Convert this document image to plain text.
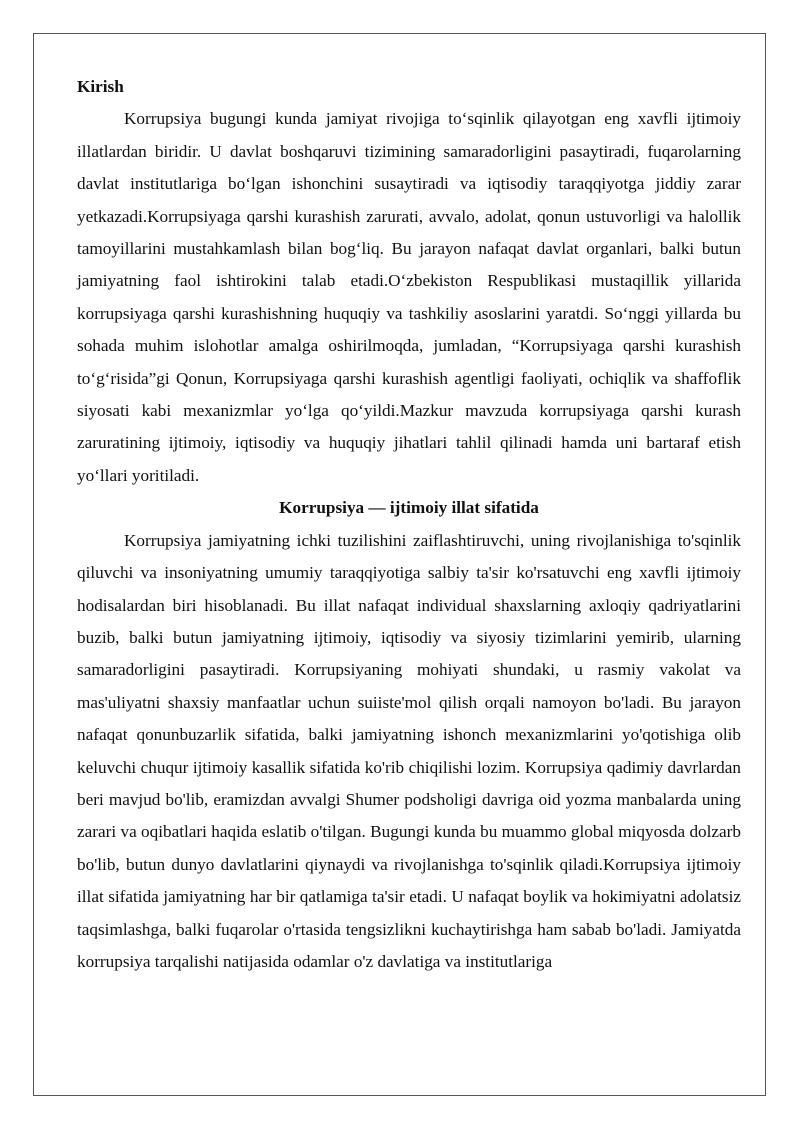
Kirish

Korrupsiya bugungi kunda jamiyat rivojiga to‘sqinlik qilayotgan eng xavfli ijtimoiy illatlardan biridir. U davlat boshqaruvi tizimining samaradorligini pasaytiradi, fuqarolarning davlat institutlariga bo‘lgan ishonchini susaytiradi va iqtisodiy taraqqiyotga jiddiy zarar yetkazadi.Korrupsiyaga qarshi kurashish zarurati, avvalo, adolat, qonun ustuvorligi va halollik tamoyillarini mustahkamlash bilan bog‘liq. Bu jarayon nafaqat davlat organlari, balki butun jamiyatning faol ishtirokini talab etadi.O‘zbekiston Respublikasi mustaqillik yillarida korrupsiyaga qarshi kurashishning huquqiy va tashkiliy asoslarini yaratdi. So‘nggi yillarda bu sohada muhim islohotlar amalga oshirilmoqda, jumladan, “Korrupsiyaga qarshi kurashish to‘g‘risida”gi Qonun, Korrupsiyaga qarshi kurashish agentligi faoliyati, ochiqlik va shaffoflik siyosati kabi mexanizmlar yo‘lga qo‘yildi.Mazkur mavzuda korrupsiyaga qarshi kurash zaruratining ijtimoiy, iqtisodiy va huquqiy jihatlari tahlil qilinadi hamda uni bartaraf etish yo‘llari yoritiladi.

Korrupsiya — ijtimoiy illat sifatida

Korrupsiya jamiyatning ichki tuzilishini zaiflashtiruvchi, uning rivojlanishiga to'sqinlik qiluvchi va insoniyatning umumiy taraqqiyotiga salbiy ta'sir ko'rsatuvchi eng xavfli ijtimoiy hodisalardan biri hisoblanadi. Bu illat nafaqat individual shaxslarning axloqiy qadriyatlarini buzib, balki butun jamiyatning ijtimoiy, iqtisodiy va siyosiy tizimlarini yemirib, ularning samaradorligini pasaytiradi. Korrupsiyaning mohiyati shundaki, u rasmiy vakolat va mas'uliyatni shaxsiy manfaatlar uchun suiiste'mol qilish orqali namoyon bo'ladi. Bu jarayon nafaqat qonunbuzarlik sifatida, balki jamiyatning ishonch mexanizmlarini yo'qotishiga olib keluvchi chuqur ijtimoiy kasallik sifatida ko'rib chiqilishi lozim. Korrupsiya qadimiy davrlardan beri mavjud bo'lib, eramizdan avvalgi Shumer podsholigi davriga oid yozma manbalarda uning zarari va oqibatlari haqida eslatib o'tilgan. Bugungi kunda bu muammo global miqyosda dolzarb bo'lib, butun dunyo davlatlarini qiynaydi va rivojlanishga to'sqinlik qiladi.Korrupsiya ijtimoiy illat sifatida jamiyatning har bir qatlamiga ta'sir etadi. U nafaqat boylik va hokimiyatni adolatsiz taqsimlashga, balki fuqarolar o'rtasida tengsizlikni kuchaytirishga ham sabab bo'ladi. Jamiyatda korrupsiya tarqalishi natijasida odamlar o'z davlatiga va institutlariga
